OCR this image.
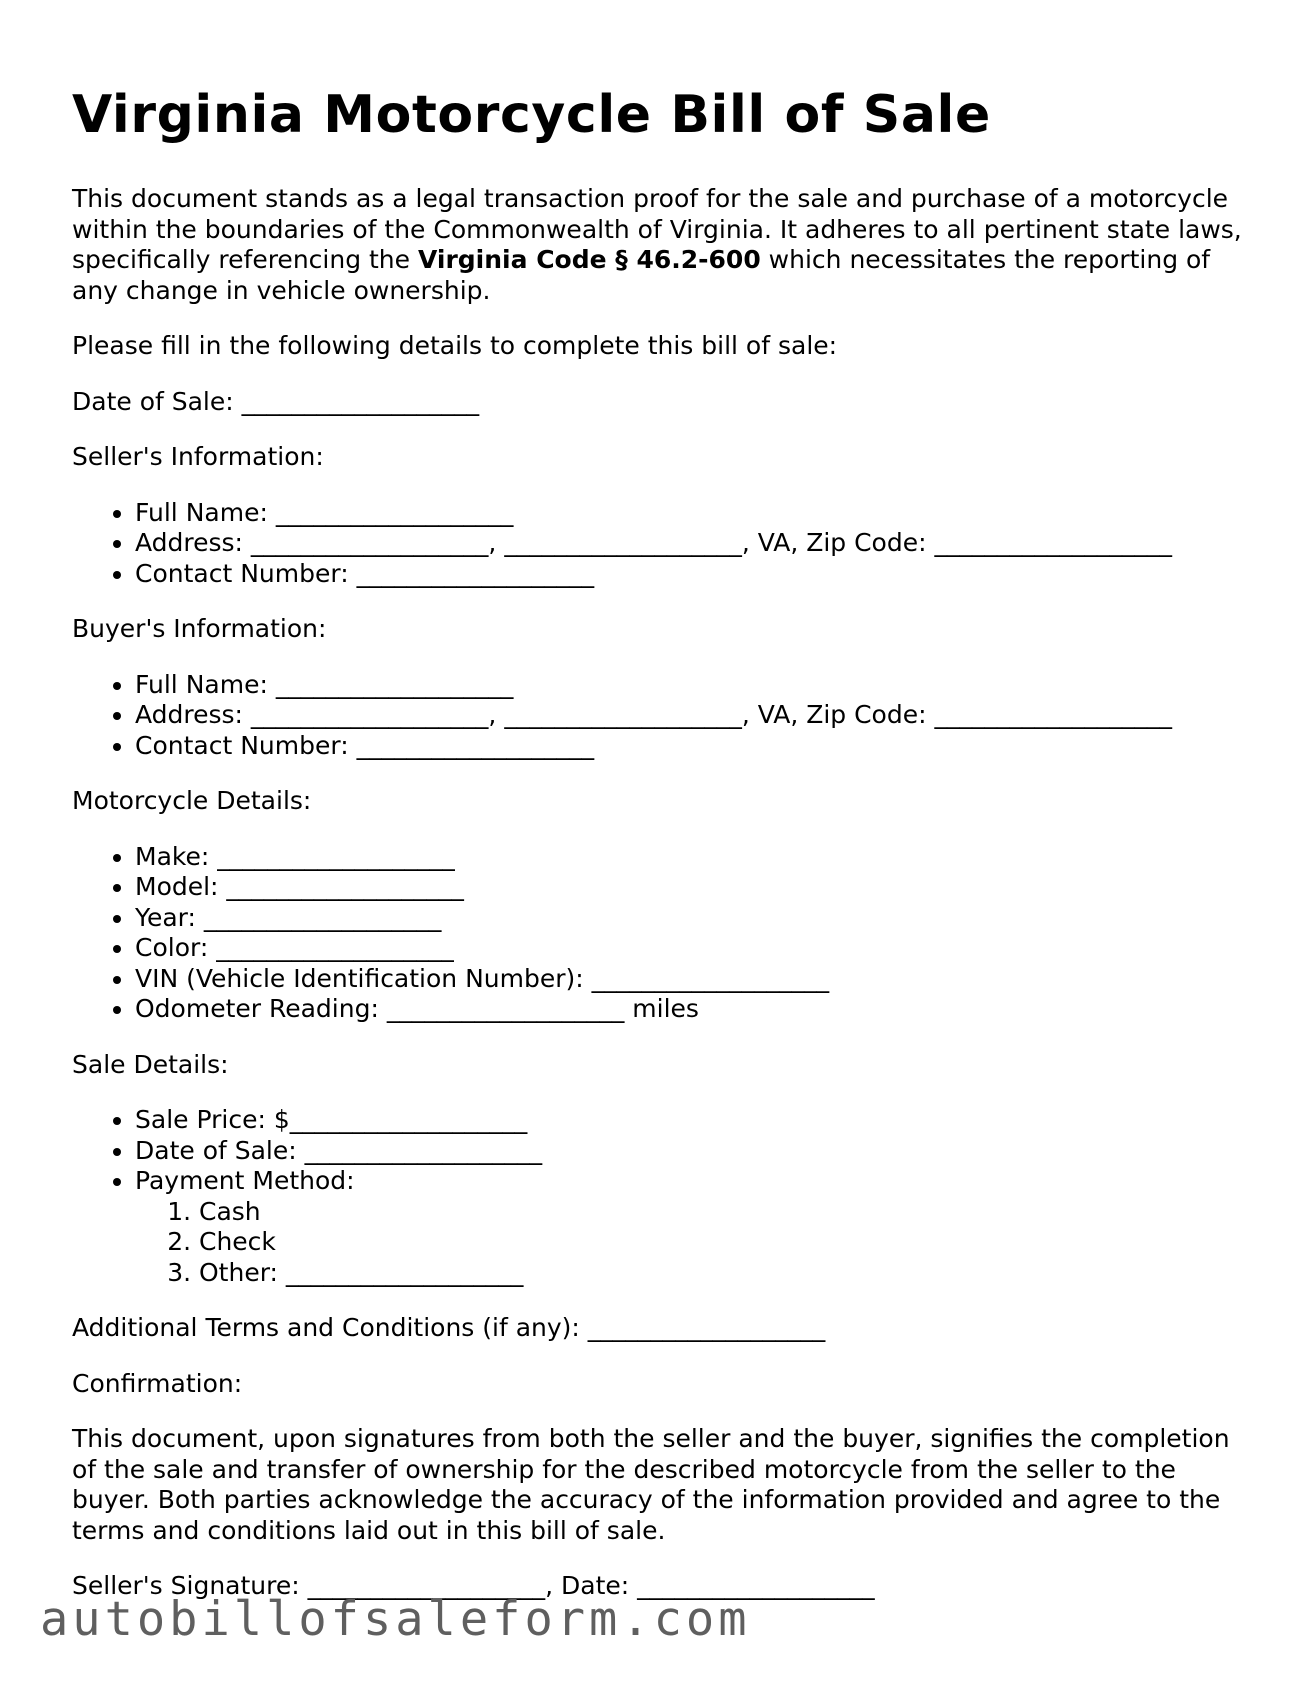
Virginia Motorcycle Bill of Sale

This document stands as a legal transaction proof for the sale and purchase of a motorcycle within the boundaries of the Commonwealth of Virginia. It adheres to all pertinent state laws, specifically referencing the Virginia Code § 46.2-600 which necessitates the reporting of any change in vehicle ownership.

Please fill in the following details to complete this bill of sale:

Date of Sale: ___________________

Seller's Information:

• Full Name: ___________________
• Address: ___________________, ___________________, VA, Zip Code: ___________________
• Contact Number: ___________________

Buyer's Information:

• Full Name: ___________________
• Address: ___________________, ___________________, VA, Zip Code: ___________________
• Contact Number: ___________________

Motorcycle Details:

• Make: ___________________
• Model: ___________________
• Year: ___________________
• Color: ___________________
• VIN (Vehicle Identification Number): ___________________
• Odometer Reading: ___________________ miles

Sale Details:

• Sale Price: $___________________
• Date of Sale: ___________________
• Payment Method:
1. Cash
2. Check
3. Other: ___________________

Additional Terms and Conditions (if any): ___________________

Confirmation:

This document, upon signatures from both the seller and the buyer, signifies the completion of the sale and transfer of ownership for the described motorcycle from the seller to the buyer. Both parties acknowledge the accuracy of the information provided and agree to the terms and conditions laid out in this bill of sale.

Seller's Signature: ___________________, Date: ___________________

autobillofsaleform.com
